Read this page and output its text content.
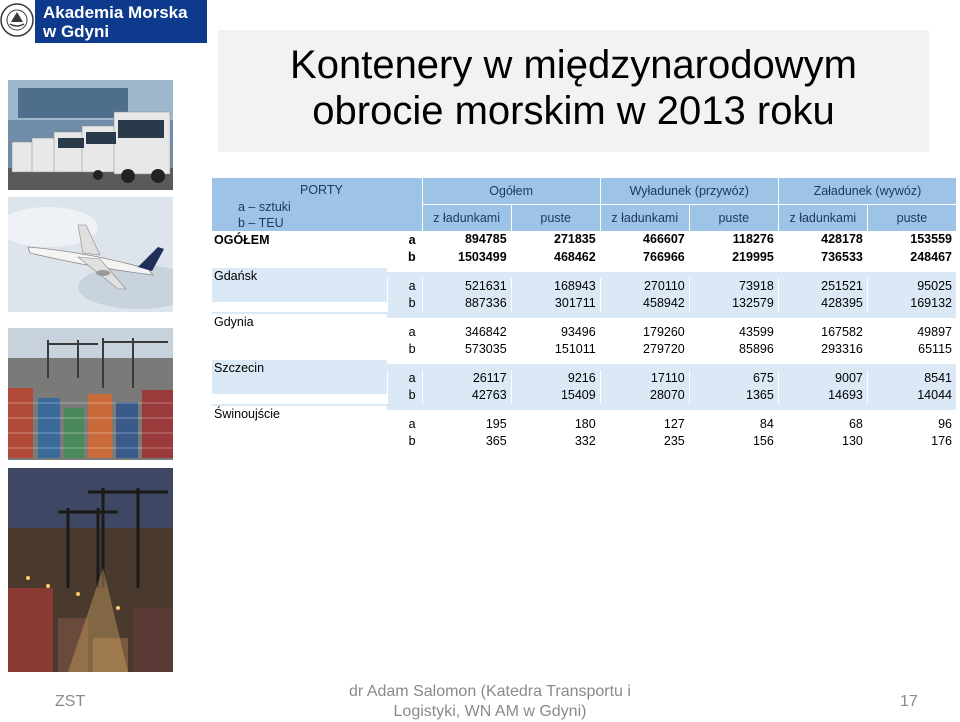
Akademia Morska
w Gdyni
Kontenery w międzynarodowym
obrocie morskim w 2013 roku
PORTY
a – sztuki
b – TEU		Ogółem		Wyładunek (przywóz)		Załadunek (wywóz)	
		z ładunkami	puste	z ładunkami	puste	z ładunkami	puste
OGÓŁEM	a	894785	271835	466607	118276	428178	153559
	b	1503499	468462	766966	219995	736533	248467

Gdańsk	a	521631	168943	270110	73918	251521	95025
	b	887336	301711	458942	132579	428395	169132

Gdynia	a	346842	93496	179260	43599	167582	49897
	b	573035	151011	279720	85896	293316	65115

Szczecin	a	26117	9216	17110	675	9007	8541
	b	42763	15409	28070	1365	14693	14044

Świnoujście	a	195	180	127	84	68	96
	b	365	332	235	156	130	176
ZST
dr Adam Salomon (Katedra Transportu i
Logistyki, WN AM w Gdyni)
17
